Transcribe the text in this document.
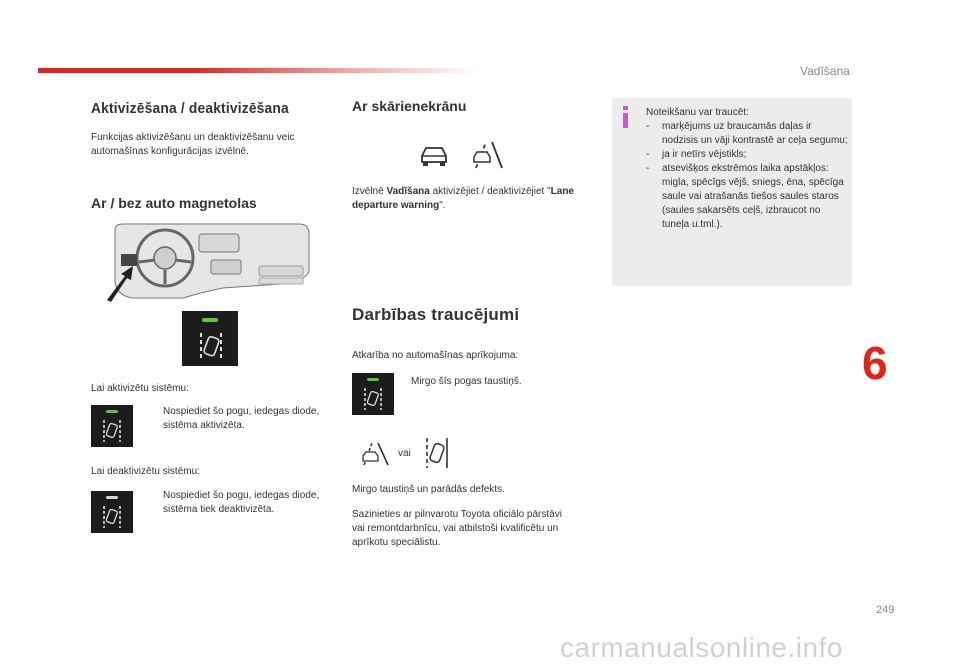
Vadīšana
Aktivizēšana / deaktivizēšana
Funkcijas aktivizēšanu un deaktivizēšanu veic automašīnas konfigurācijas izvēlnē.
Ar / bez auto magnetolas
Lai aktivizētu sistēmu:
Nospiediet šo pogu, iedegas diode, sistēma aktivizēta.
Lai deaktivizētu sistēmu:
Nospiediet šo pogu, iedegas diode, sistēma tiek deaktivizēta.
Ar skārienekrānu
Izvēlnē Vadīšana aktivizējiet / deaktivizējiet "Lane departure warning".
Darbības traucējumi
Atkarība no automašīnas aprīkojuma:
Mirgo šīs pogas taustiņš.
vai
Mirgo taustiņš un parādās defekts.
Sazinieties ar pilnvarotu Toyota oficiālo pārstāvi vai remontdarbnīcu, vai atbilstoši kvalificētu un aprīkotu speciālistu.
Noteikšanu var traucēt:
- marķējums uz braucamās daļas ir nodzisis un vāji kontrastē ar ceļa segumu;
- ja ir netīrs vējstikls;
- atsevišķos ekstrēmos laika apstākļos: migla, spēcīgs vējš, sniegs, ēna, spēcīga saule vai atrašanās tiešos saules staros (saules sakarsēts ceļš, izbraucot no tuneļa u.tml.).
6
249
carmanualsonline.info
